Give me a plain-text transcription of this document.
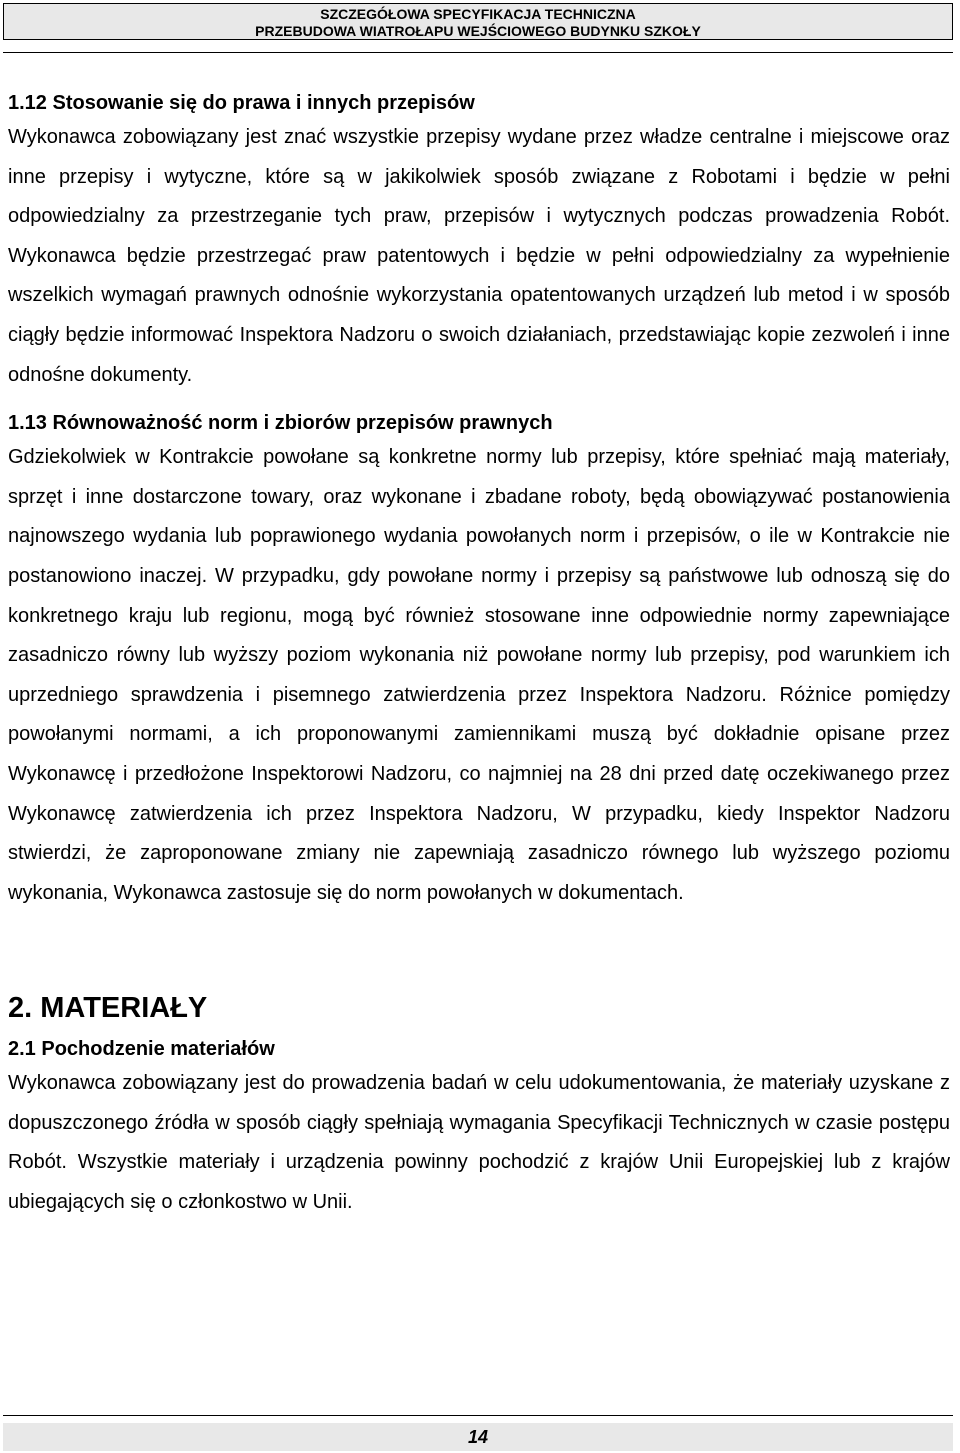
SZCZEGÓŁOWA SPECYFIKACJA TECHNICZNA
PRZEBUDOWA WIATROŁAPU WEJŚCIOWEGO BUDYNKU SZKOŁY
1.12 Stosowanie się do prawa i innych przepisów

Wykonawca zobowiązany jest znać wszystkie przepisy wydane przez władze centralne i miejscowe oraz inne przepisy i wytyczne, które są w jakikolwiek sposób związane z Robotami i będzie w pełni odpowiedzialny za przestrzeganie tych praw, przepisów i wytycznych podczas prowadzenia Robót. Wykonawca będzie przestrzegać praw patentowych i będzie w pełni odpowiedzialny za wypełnienie wszelkich wymagań prawnych odnośnie wykorzystania opatentowanych urządzeń lub metod i w sposób ciągły będzie informować Inspektora Nadzoru o swoich działaniach, przedstawiając kopie zezwoleń i inne odnośne dokumenty.

1.13 Równoważność norm i zbiorów przepisów prawnych

Gdziekolwiek w Kontrakcie powołane są konkretne normy lub przepisy, które spełniać mają materiały, sprzęt i inne dostarczone towary, oraz wykonane i zbadane roboty, będą obowiązywać postanowienia najnowszego wydania lub poprawionego wydania powołanych norm i przepisów, o ile w Kontrakcie nie postanowiono inaczej. W przypadku, gdy powołane normy i przepisy są państwowe lub odnoszą się do konkretnego kraju lub regionu, mogą być również stosowane inne odpowiednie normy zapewniające zasadniczo równy lub wyższy poziom wykonania niż powołane normy lub przepisy, pod warunkiem ich uprzedniego sprawdzenia i pisemnego zatwierdzenia przez Inspektora Nadzoru. Różnice pomiędzy powołanymi normami, a ich proponowanymi zamiennikami muszą być dokładnie opisane przez Wykonawcę i przedłożone Inspektorowi Nadzoru, co najmniej na 28 dni przed datę oczekiwanego przez Wykonawcę zatwierdzenia ich przez Inspektora Nadzoru, W przypadku, kiedy Inspektor Nadzoru stwierdzi, że zaproponowane zmiany nie zapewniają zasadniczo równego lub wyższego poziomu wykonania, Wykonawca zastosuje się do norm powołanych w dokumentach.

2. MATERIAŁY
2.1 Pochodzenie materiałów

Wykonawca zobowiązany jest do prowadzenia badań w celu udokumentowania, że materiały uzyskane z dopuszczonego źródła w sposób ciągły spełniają wymagania Specyfikacji Technicznych w czasie postępu Robót. Wszystkie materiały i urządzenia powinny pochodzić z krajów Unii Europejskiej lub z krajów ubiegających się o członkostwo w Unii.

14
